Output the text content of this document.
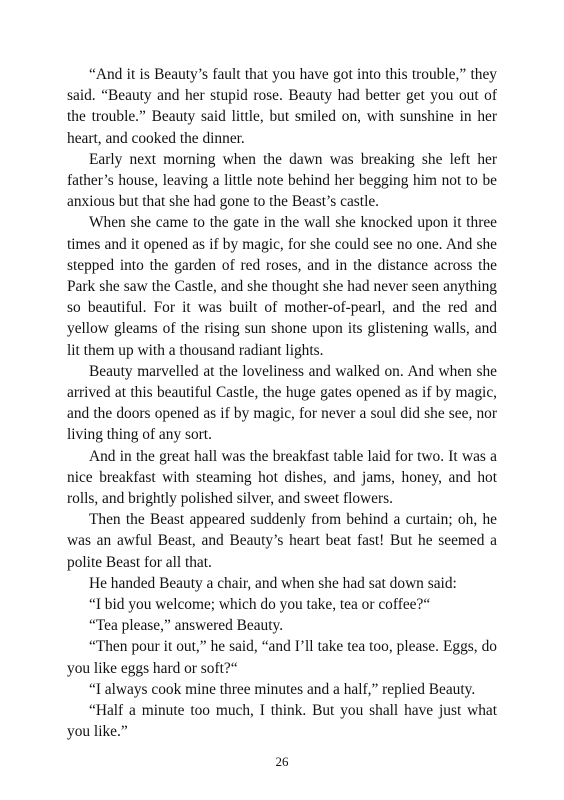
“And it is Beauty’s fault that you have got into this trouble,” they said. “Beauty and her stupid rose. Beauty had better get you out of the trouble.” Beauty said little, but smiled on, with sunshine in her heart, and cooked the dinner.

Early next morning when the dawn was breaking she left her father’s house, leaving a little note behind her begging him not to be anxious but that she had gone to the Beast’s castle.

When she came to the gate in the wall she knocked upon it three times and it opened as if by magic, for she could see no one. And she stepped into the garden of red roses, and in the distance across the Park she saw the Castle, and she thought she had never seen anything so beautiful. For it was built of mother-of-pearl, and the red and yellow gleams of the rising sun shone upon its glistening walls, and lit them up with a thousand radiant lights.

Beauty marvelled at the loveliness and walked on. And when she arrived at this beautiful Castle, the huge gates opened as if by magic, and the doors opened as if by magic, for never a soul did she see, nor living thing of any sort.

And in the great hall was the breakfast table laid for two. It was a nice breakfast with steaming hot dishes, and jams, honey, and hot rolls, and brightly polished silver, and sweet flowers.

Then the Beast appeared suddenly from behind a curtain; oh, he was an awful Beast, and Beauty’s heart beat fast! But he seemed a polite Beast for all that.

He handed Beauty a chair, and when she had sat down said:

“I bid you welcome; which do you take, tea or coffee?“

“Tea please,” answered Beauty.

“Then pour it out,” he said, “and I’ll take tea too, please. Eggs, do you like eggs hard or soft?“

“I always cook mine three minutes and a half,” replied Beauty.

“Half a minute too much, I think. But you shall have just what you like.”

26
